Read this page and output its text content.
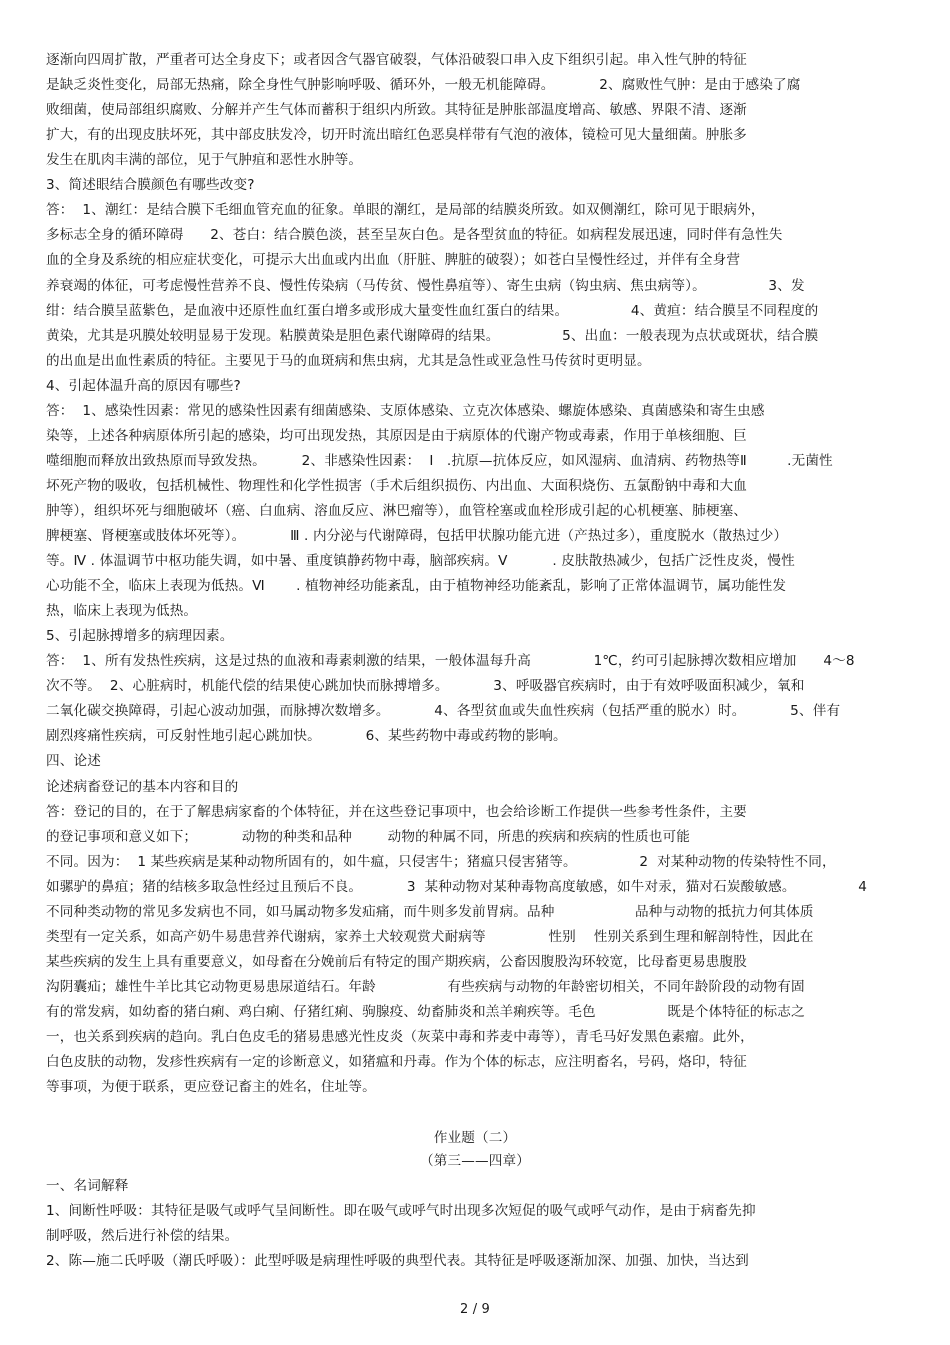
逐渐向四周扩散，严重者可达全身皮下；或者因含气器官破裂，气体沿破裂口串入皮下组织引起。串入性气肿的特征
是缺乏炎性变化，局部无热痛，除全身性气肿影响呼吸、循环外，一般无机能障碍。          2、腐败性气肿：是由于感染了腐
败细菌，使局部组织腐败、分解并产生气体而蓄积于组织内所致。其特征是肿胀部温度增高、敏感、界限不清、逐渐
扩大，有的出现皮肤坏死，其中部皮肤发冷，切开时流出暗红色恶臭样带有气泡的液体，镜检可见大量细菌。肿胀多
发生在肌肉丰满的部位，见于气肿疽和恶性水肿等。
3、简述眼结合膜颜色有哪些改变?
答：  1、潮红：是结合膜下毛细血管充血的征象。单眼的潮红，是局部的结膜炎所致。如双侧潮红，除可见于眼病外，
多标志全身的循环障碍      2、苍白：结合膜色淡，甚至呈灰白色。是各型贫血的特征。如病程发展迅速，同时伴有急性失
血的全身及系统的相应症状变化，可提示大出血或内出血（肝脏、脾脏的破裂）；如苍白呈慢性经过，并伴有全身营
养衰竭的体征，可考虑慢性营养不良、慢性传染病（马传贫、慢性鼻疽等）、寄生虫病（钩虫病、焦虫病等）。              3、发
绀：结合膜呈蓝紫色，是血液中还原性血红蛋白增多或形成大量变性血红蛋白的结果。              4、黄疸：结合膜呈不同程度的
黄染，尤其是巩膜处较明显易于发现。粘膜黄染是胆色素代谢障碍的结果。              5、出血：一般表现为点状或斑状，结合膜
的出血是出血性素质的特征。主要见于马的血斑病和焦虫病，尤其是急性或亚急性马传贫时更明显。
4、引起体温升高的原因有哪些?
答：  1、感染性因素：常见的感染性因素有细菌感染、支原体感染、立克次体感染、螺旋体感染、真菌感染和寄生虫感
染等，上述各种病原体所引起的感染，均可出现发热，其原因是由于病原体的代谢产物或毒素，作用于单核细胞、巨
噬细胞而释放出致热原而导致发热。        2、非感染性因素：  Ⅰ   .抗原—抗体反应，如风湿病、血清病、药物热等Ⅱ         .无菌性
坏死产物的吸收，包括机械性、物理性和化学性损害（手术后组织损伤、内出血、大面积烧伤、五氯酚钠中毒和大血
肿等），组织坏死与细胞破坏（癌、白血病、溶血反应、淋巴瘤等），血管栓塞或血栓形成引起的心机梗塞、肺梗塞、
脾梗塞、肾梗塞或肢体坏死等）。          Ⅲ . 内分泌与代谢障碍，包括甲状腺功能亢进（产热过多），重度脱水（散热过少）
等。Ⅳ . 体温调节中枢功能失调，如中暑、重度镇静药物中毒，脑部疾病。Ⅴ          . 皮肤散热减少，包括广泛性皮炎，慢性
心功能不全，临床上表现为低热。Ⅵ       . 植物神经功能紊乱，由于植物神经功能紊乱，影响了正常体温调节，属功能性发
热，临床上表现为低热。
5、引起脉搏增多的病理因素。
答：  1、所有发热性疾病，这是过热的血液和毒素刺激的结果，一般体温每升高              1℃，约可引起脉搏次数相应增加      4～8
次不等。  2、心脏病时，机能代偿的结果使心跳加快而脉搏增多。          3、呼吸器官疾病时，由于有效呼吸面积减少，氧和
二氧化碳交换障碍，引起心波动加强，而脉搏次数增多。          4、各型贫血或失血性疾病（包括严重的脱水）时。          5、伴有
剧烈疼痛性疾病，可反射性地引起心跳加快。          6、某些药物中毒或药物的影响。
四、论述
论述病畜登记的基本内容和目的
答：登记的目的，在于了解患病家畜的个体特征，并在这些登记事项中，也会给诊断工作提供一些参考性条件，主要
的登记事项和意义如下；          动物的种类和品种        动物的种属不同，所患的疾病和疾病的性质也可能
不同。因为：  1 某些疾病是某种动物所固有的，如牛瘟，只侵害牛；猪瘟只侵害猪等。              2  对某种动物的传染特性不同，
如骡驴的鼻疽；猪的结核多取急性经过且预后不良。          3  某种动物对某种毒物高度敏感，如牛对汞，猫对石炭酸敏感。              4
不同种类动物的常见多发病也不同，如马属动物多发疝痛，而牛则多发前胃病。品种                  品种与动物的抵抗力何其体质
类型有一定关系，如高产奶牛易患营养代谢病，家养土犬较观赏犬耐病等              性别    性别关系到生理和解剖特性，因此在
某些疾病的发生上具有重要意义，如母畜在分娩前后有特定的围产期疾病，公畜因腹股沟环较宽，比母畜更易患腹股
沟阴囊疝；雄性牛羊比其它动物更易患尿道结石。年龄                有些疾病与动物的年龄密切相关，不同年龄阶段的动物有固
有的常发病，如幼畜的猪白痢、鸡白痢、仔猪红痢、驹腺疫、幼畜肺炎和羔羊痢疾等。毛色                既是个体特征的标志之
一，也关系到疾病的趋向。乳白色皮毛的猪易患感光性皮炎（灰菜中毒和荞麦中毒等），青毛马好发黑色素瘤。此外，
白色皮肤的动物，发疹性疾病有一定的诊断意义，如猪瘟和丹毒。作为个体的标志，应注明畜名，号码，烙印，特征
等事项，为便于联系，更应登记畜主的姓名，住址等。
作业题（二）
（第三——四章）
一、名词解释
1、间断性呼吸：其特征是吸气或呼气呈间断性。即在吸气或呼气时出现多次短促的吸气或呼气动作，是由于病畜先抑
制呼吸，然后进行补偿的结果。
2、陈—施二氏呼吸（潮氏呼吸）：此型呼吸是病理性呼吸的典型代表。其特征是呼吸逐渐加深、加强、加快，当达到
2 / 9
